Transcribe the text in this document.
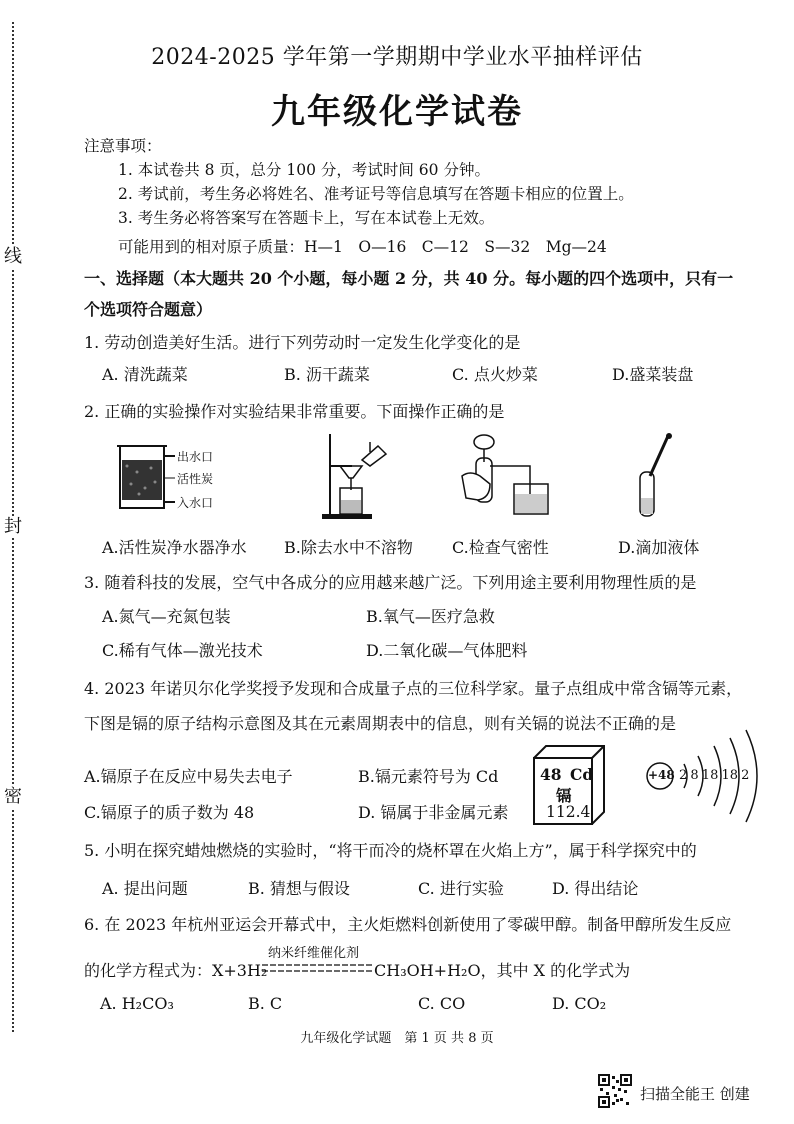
线
封
密
2024-2025 学年第一学期期中学业水平抽样评估
九年级化学试卷
注意事项：
1. 本试卷共 8 页，总分 100 分，考试时间 60 分钟。
2. 考试前，考生务必将姓名、准考证号等信息填写在答题卡相应的位置上。
3. 考生务必将答案写在答题卡上，写在本试卷上无效。
可能用到的相对原子质量：H—1　O—16　C—12　S—32　Mg—24
一、选择题（本大题共 20 个小题，每小题 2 分，共 40 分。每小题的四个选项中，只有一
个选项符合题意）
1. 劳动创造美好生活。进行下列劳动时一定发生化学变化的是
A. 清洗蔬菜	B. 沥干蔬菜	C. 点火炒菜	D.盛菜装盘
2. 正确的实验操作对实验结果非常重要。下面操作正确的是
出水口
活性炭
入水口
A.活性炭净水器净水 B.除去水中不溶物 C.检查气密性	D.滴加液体
3. 随着科技的发展，空气中各成分的应用越来越广泛。下列用途主要利用物理性质的是
A.氮气—充氮包装	B.氧气—医疗急救
C.稀有气体—激光技术	D.二氧化碳—气体肥料
4. 2023 年诺贝尔化学奖授予发现和合成量子点的三位科学家。量子点组成中常含镉等元素，
下图是镉的原子结构示意图及其在元素周期表中的信息，则有关镉的说法不正确的是
A.镉原子在反应中易失去电子	B.镉元素符号为 Cd
C.镉原子的质子数为 48	D. 镉属于非金属元素
48 Cd
镉
112.4
+48 2 8 18 18 2
5. 小明在探究蜡烛燃烧的实验时，“将干而冷的烧杯罩在火焰上方”，属于科学探究中的
A. 提出问题	B. 猜想与假设	C. 进行实验	D. 得出结论
6. 在 2023 年杭州亚运会开幕式中，主火炬燃料创新使用了零碳甲醇。制备甲醇所发生反应
纳米纤维催化剂
的化学方程式为：X+3H₂	CH₃OH+H₂O，其中 X 的化学式为
A. H₂CO₃	B. C	C. CO	D. CO₂
九年级化学试题　第 1 页 共 8 页
扫描全能王 创建
